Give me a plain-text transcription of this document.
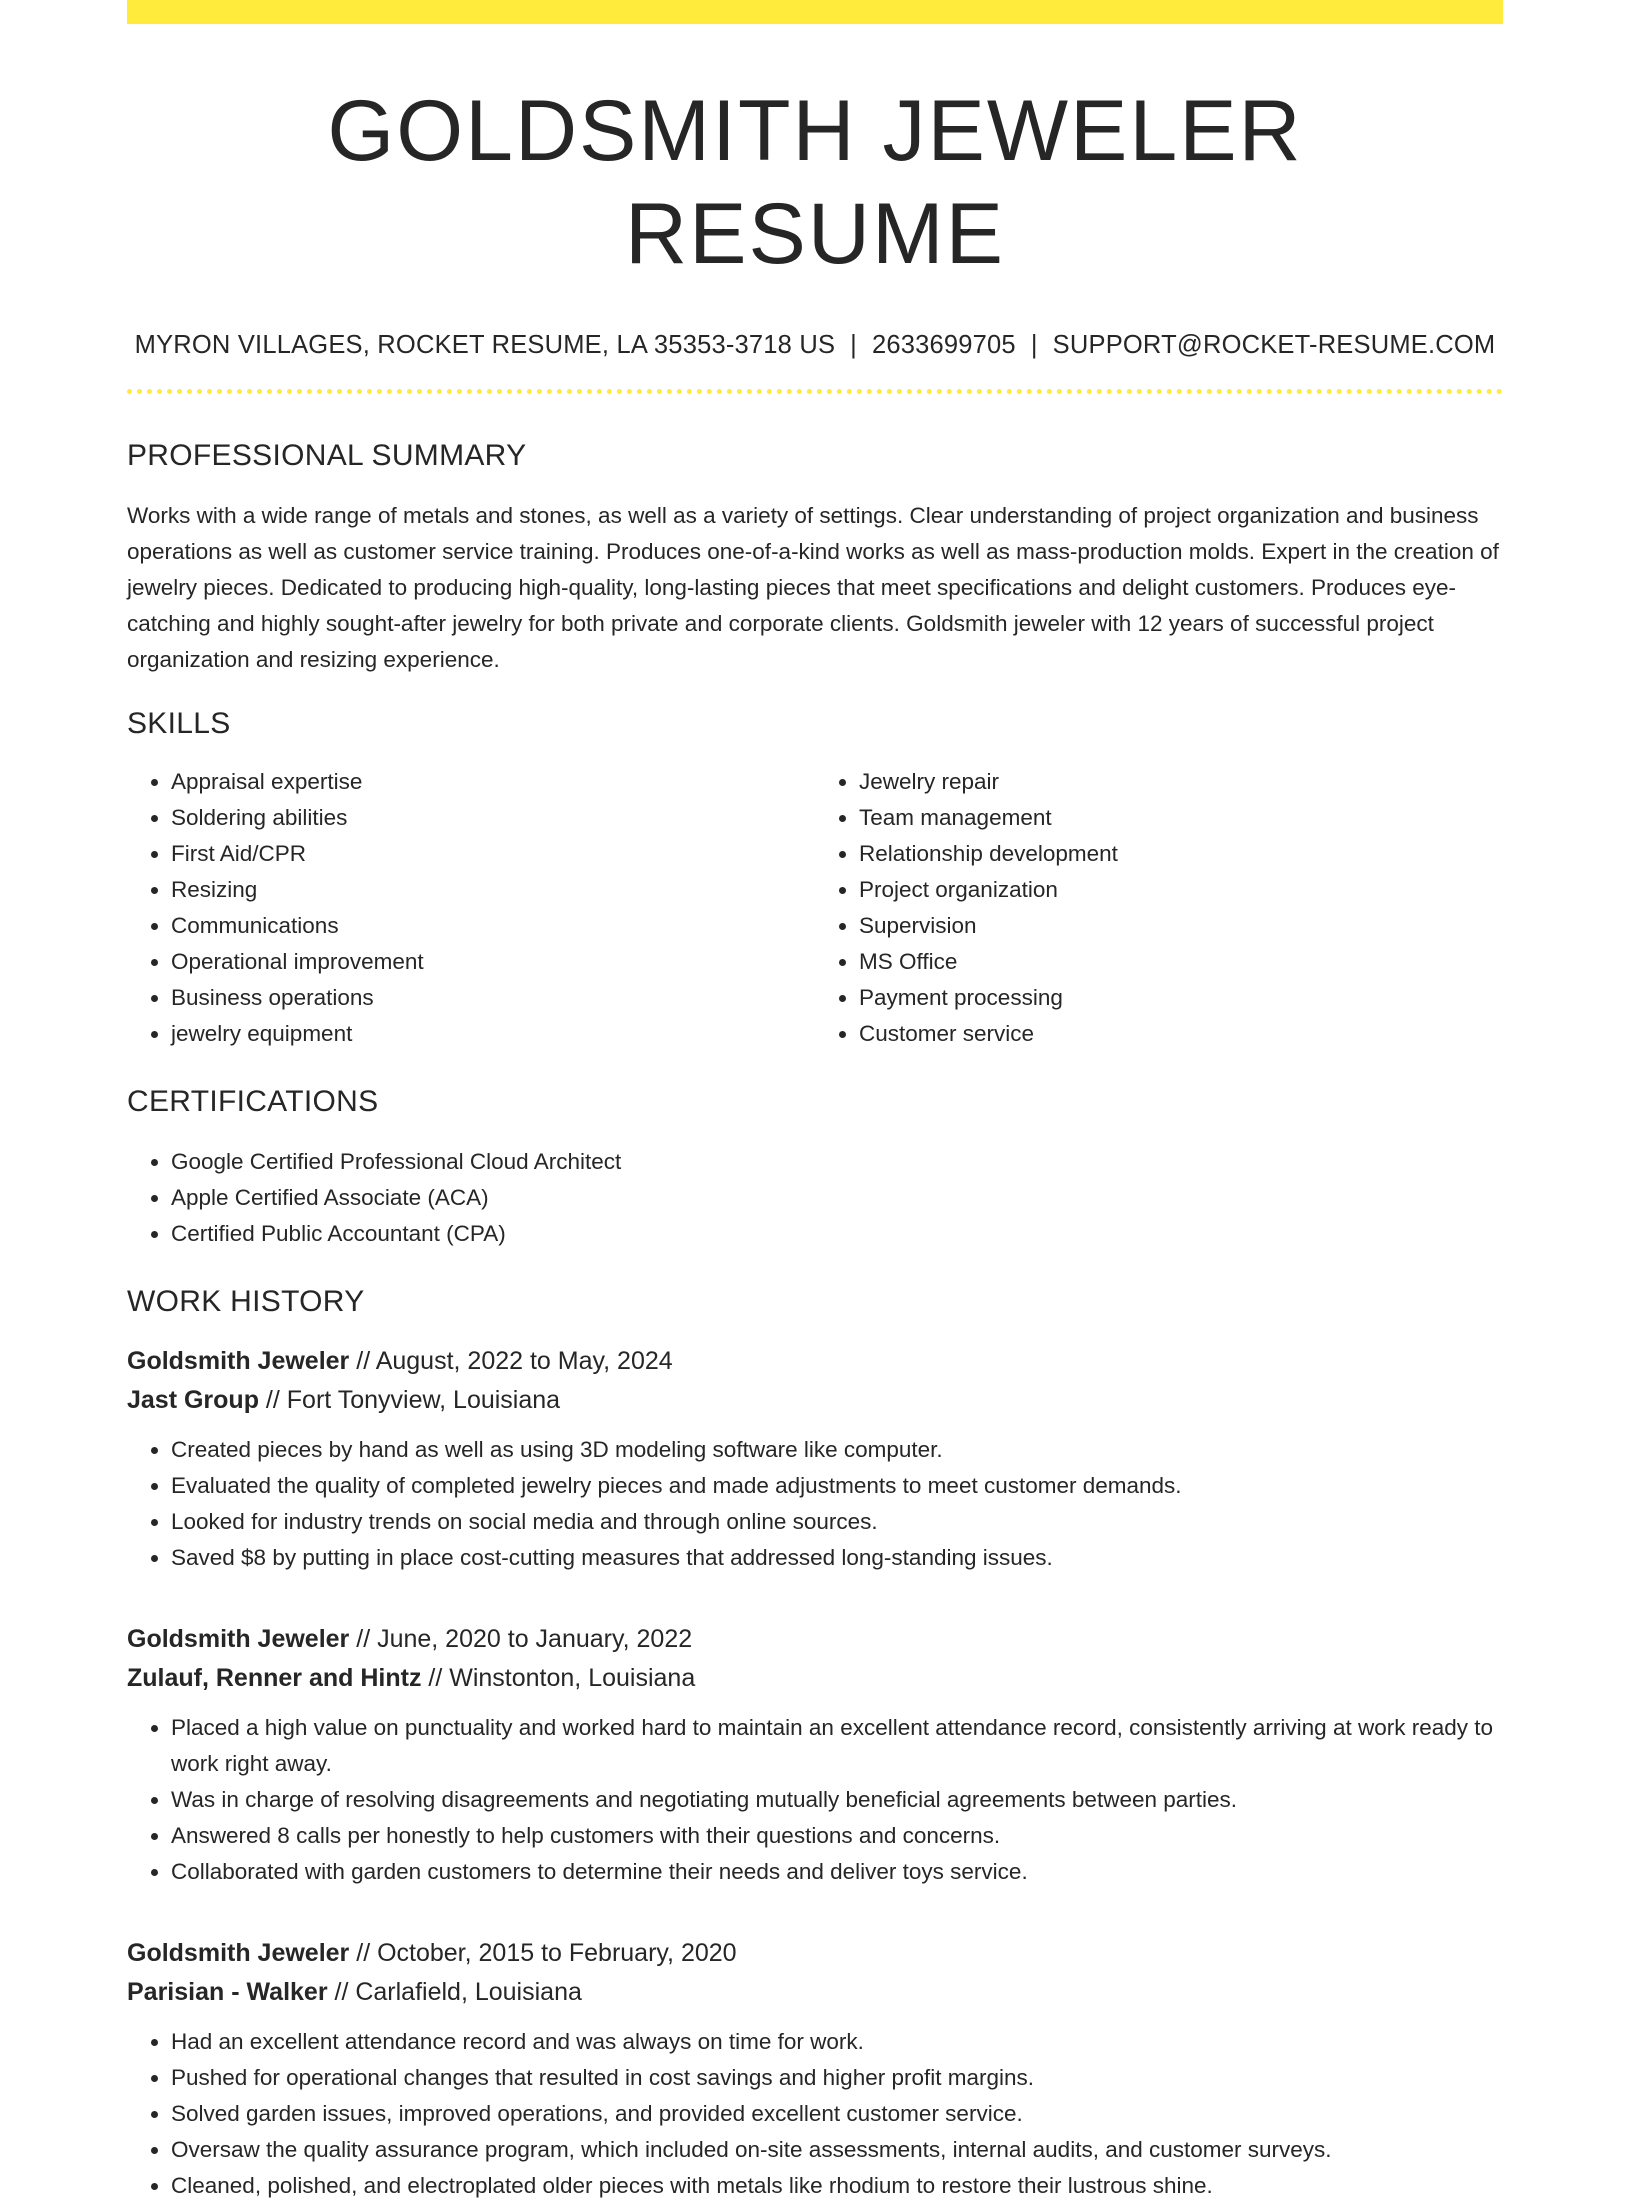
GOLDSMITH JEWELER RESUME
MYRON VILLAGES, ROCKET RESUME, LA 35353-3718 US | 2633699705 | SUPPORT@ROCKET-RESUME.COM
PROFESSIONAL SUMMARY

Works with a wide range of metals and stones, as well as a variety of settings. Clear understanding of project organization and business operations as well as customer service training. Produces one-of-a-kind works as well as mass-production molds. Expert in the creation of jewelry pieces. Dedicated to producing high-quality, long-lasting pieces that meet specifications and delight customers. Produces eye-catching and highly sought-after jewelry for both private and corporate clients. Goldsmith jeweler with 12 years of successful project organization and resizing experience.

SKILLS
• Appraisal expertise
• Soldering abilities
• First Aid/CPR
• Resizing
• Communications
• Operational improvement
• Business operations
• jewelry equipment
• Jewelry repair
• Team management
• Relationship development
• Project organization
• Supervision
• MS Office
• Payment processing
• Customer service
CERTIFICATIONS
• Google Certified Professional Cloud Architect
• Apple Certified Associate (ACA)
• Certified Public Accountant (CPA)
WORK HISTORY
Goldsmith Jeweler // August, 2022 to May, 2024
Jast Group // Fort Tonyview, Louisiana
• Created pieces by hand as well as using 3D modeling software like computer.
• Evaluated the quality of completed jewelry pieces and made adjustments to meet customer demands.
• Looked for industry trends on social media and through online sources.
• Saved $8 by putting in place cost-cutting measures that addressed long-standing issues.
Goldsmith Jeweler // June, 2020 to January, 2022
Zulauf, Renner and Hintz // Winstonton, Louisiana
• Placed a high value on punctuality and worked hard to maintain an excellent attendance record, consistently arriving at work ready to work right away.
• Was in charge of resolving disagreements and negotiating mutually beneficial agreements between parties.
• Answered 8 calls per honestly to help customers with their questions and concerns.
• Collaborated with garden customers to determine their needs and deliver toys service.
Goldsmith Jeweler // October, 2015 to February, 2020
Parisian - Walker // Carlafield, Louisiana
• Had an excellent attendance record and was always on time for work.
• Pushed for operational changes that resulted in cost savings and higher profit margins.
• Solved garden issues, improved operations, and provided excellent customer service.
• Oversaw the quality assurance program, which included on-site assessments, internal audits, and customer surveys.
• Cleaned, polished, and electroplated older pieces with metals like rhodium to restore their lustrous shine.
